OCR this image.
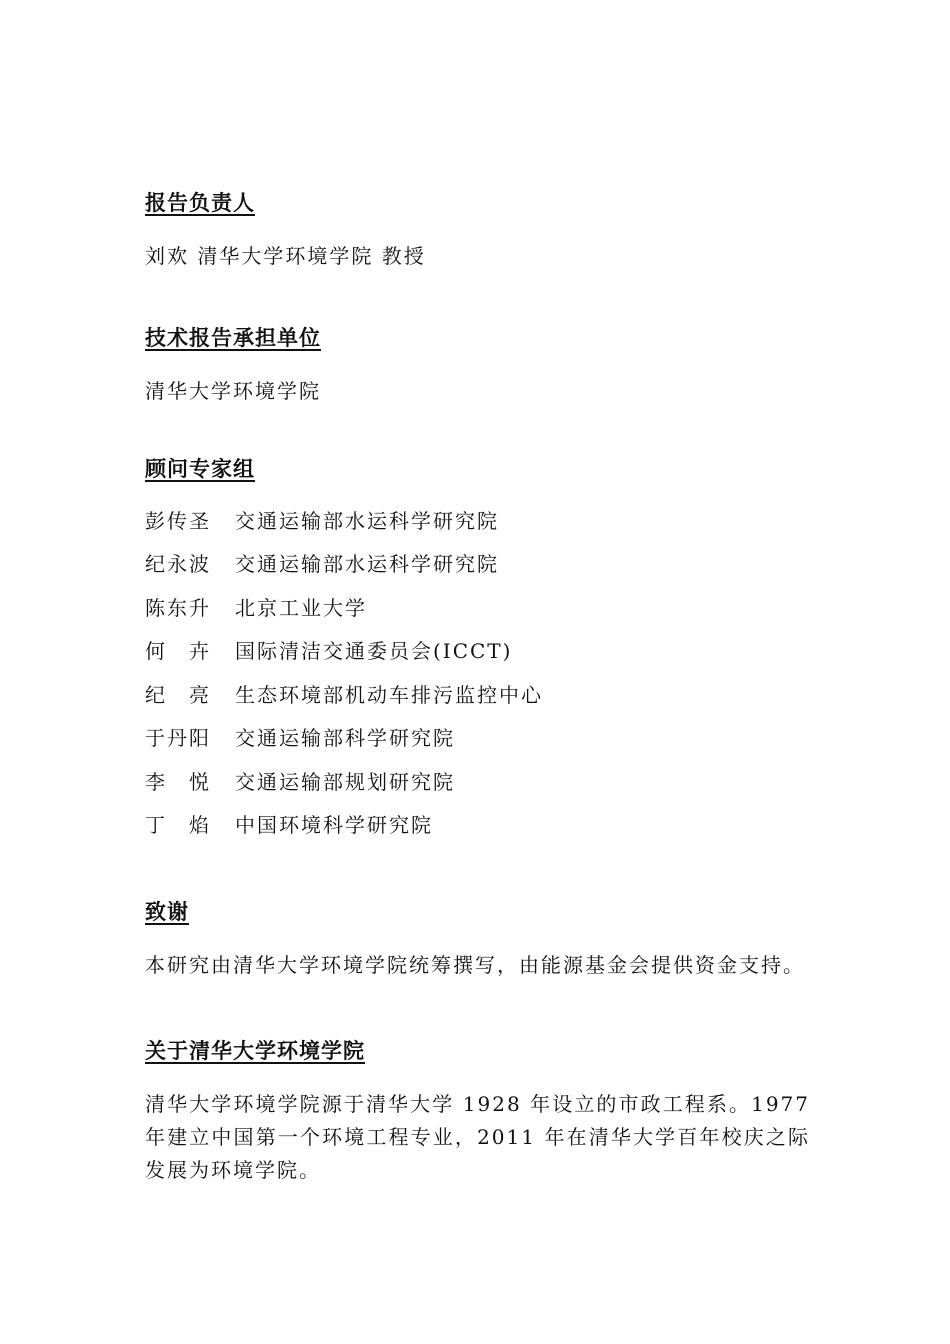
报告负责人
刘欢 清华大学环境学院 教授
技术报告承担单位
清华大学环境学院
顾问专家组
彭传圣 交通运输部水运科学研究院
纪永波 交通运输部水运科学研究院
陈东升 北京工业大学
何卉 国际清洁交通委员会(ICCT)
纪亮 生态环境部机动车排污监控中心
于丹阳 交通运输部科学研究院
李悦 交通运输部规划研究院
丁焰 中国环境科学研究院
致谢
本研究由清华大学环境学院统筹撰写，由能源基金会提供资金支持。
关于清华大学环境学院
清华大学环境学院源于清华大学 1928 年设立的市政工程系。1977 年建立中国第一个环境工程专业，2011 年在清华大学百年校庆之际发展为环境学院。
